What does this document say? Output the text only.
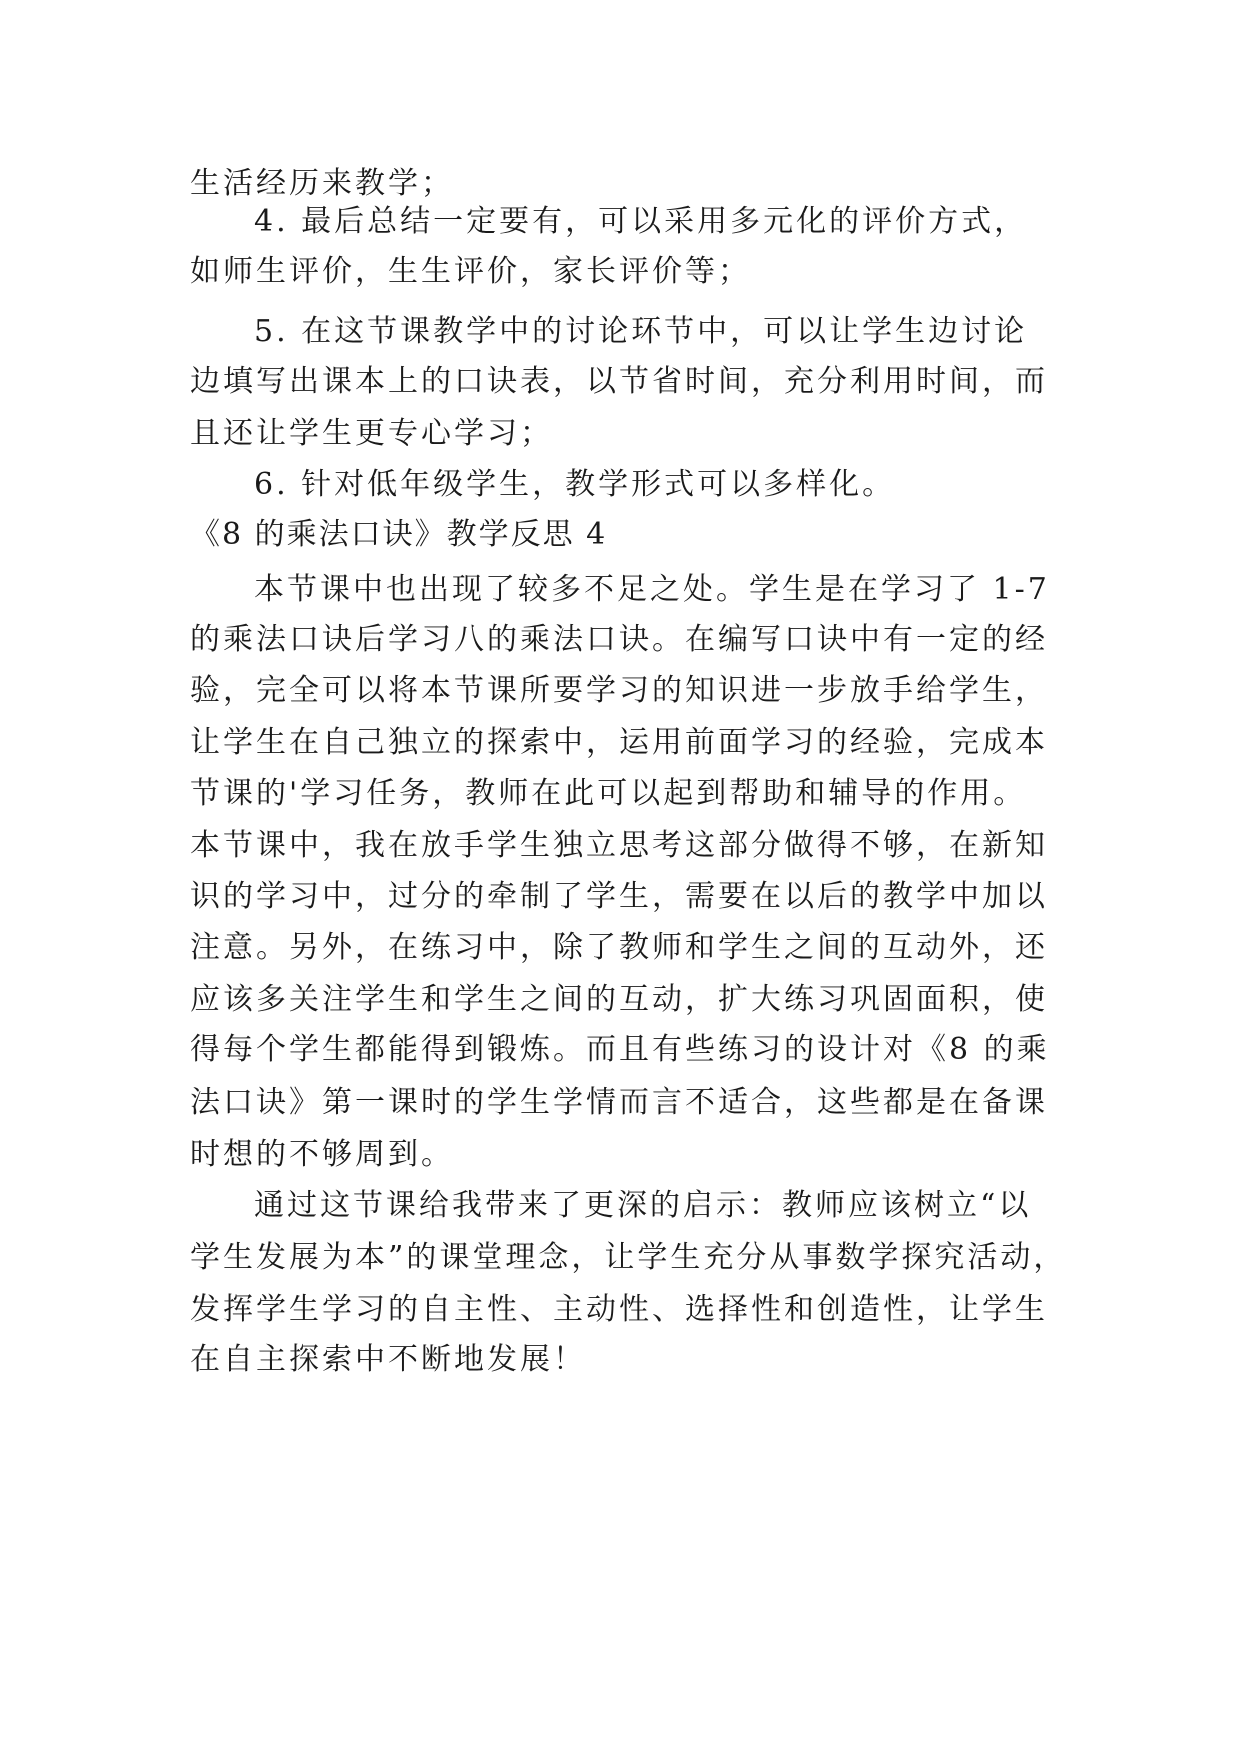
生活经历来教学；
4. 最后总结一定要有，可以采用多元化的评价方式，
如师生评价，生生评价，家长评价等；
5. 在这节课教学中的讨论环节中，可以让学生边讨论
边填写出课本上的口诀表，以节省时间，充分利用时间，而
且还让学生更专心学习；
6. 针对低年级学生，教学形式可以多样化。
《8 的乘法口诀》教学反思 4
本节课中也出现了较多不足之处。学生是在学习了 1-7
的乘法口诀后学习八的乘法口诀。在编写口诀中有一定的经
验，完全可以将本节课所要学习的知识进一步放手给学生，
让学生在自己独立的探索中，运用前面学习的经验，完成本
节课的'学习任务，教师在此可以起到帮助和辅导的作用。
本节课中，我在放手学生独立思考这部分做得不够，在新知
识的学习中，过分的牵制了学生，需要在以后的教学中加以
注意。另外，在练习中，除了教师和学生之间的互动外，还
应该多关注学生和学生之间的互动，扩大练习巩固面积，使
得每个学生都能得到锻炼。而且有些练习的设计对《8 的乘
法口诀》第一课时的学生学情而言不适合，这些都是在备课
时想的不够周到。
通过这节课给我带来了更深的启示：教师应该树立“以
学生发展为本”的课堂理念，让学生充分从事数学探究活动，
发挥学生学习的自主性、主动性、选择性和创造性，让学生
在自主探索中不断地发展！
